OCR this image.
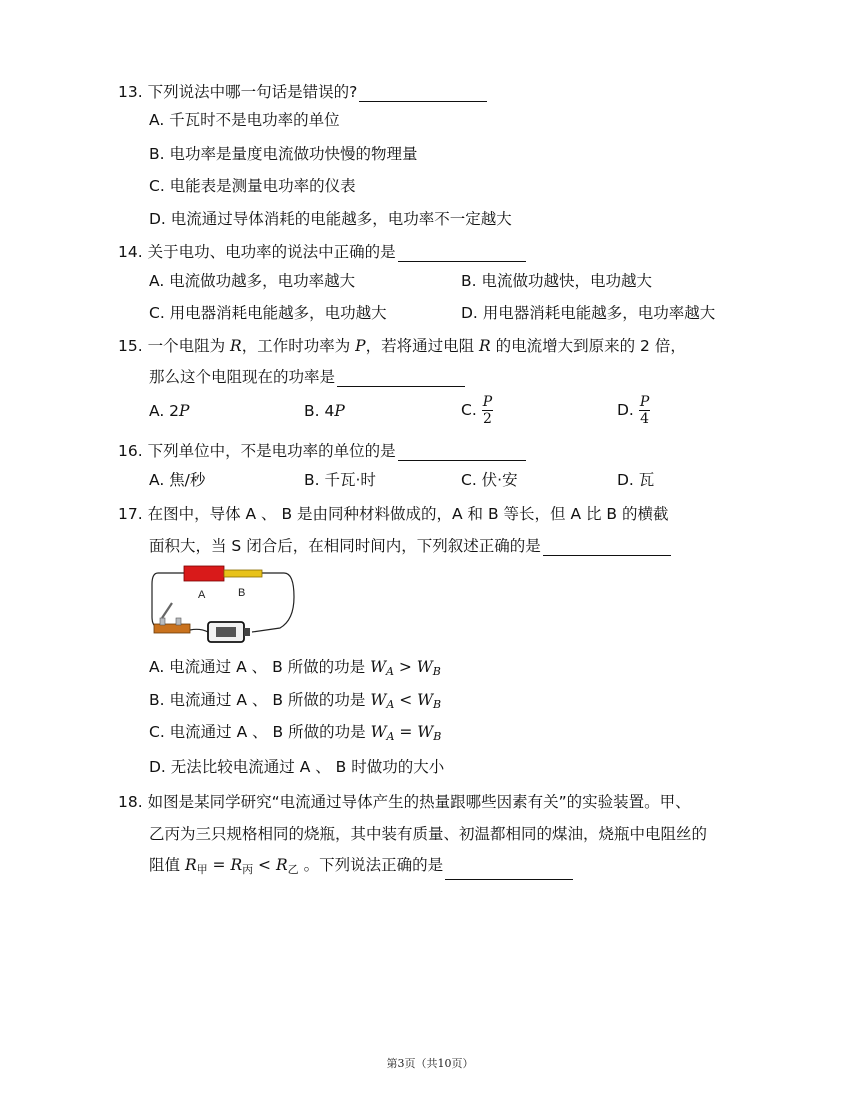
13. 下列说法中哪一句话是错误的?
A. 千瓦时不是电功率的单位
B. 电功率是量度电流做功快慢的物理量
C. 电能表是测量电功率的仪表
D. 电流通过导体消耗的电能越多，电功率不一定越大
14. 关于电功、电功率的说法中正确的是
A. 电流做功越多，电功率越大	B. 电流做功越快，电功越大
C. 用电器消耗电能越多，电功越大	D. 用电器消耗电能越多，电功率越大
15. 一个电阻为 R，工作时功率为 P，若将通过电阻 R 的电流增大到原来的 2 倍，
那么这个电阻现在的功率是
A. 2P	B. 4P	C. $\frac{P}{2}$	D. $\frac{P}{4}$
16. 下列单位中，不是电功率的单位的是
A. 焦/秒	B. 千瓦·时	C. 伏·安	D. 瓦
17. 在图中，导体 A 、 B 是由同种材料做成的，A 和 B 等长，但 A 比 B 的横截
面积大，当 S 闭合后，在相同时间内，下列叙述正确的是
A	B
A. 电流通过 A 、 B 所做的功是 $W_A > W_B$
B. 电流通过 A 、 B 所做的功是 $W_A < W_B$
C. 电流通过 A 、 B 所做的功是 $W_A = W_B$
D. 无法比较电流通过 A 、 B 时做功的大小
18. 如图是某同学研究“电流通过导体产生的热量跟哪些因素有关”的实验装置。甲、
乙丙为三只规格相同的烧瓶，其中装有质量、初温都相同的煤油，烧瓶中电阻丝的
阻值 $R_甲 = R_丙 < R_乙$ 。下列说法正确的是
第3页（共10页）
